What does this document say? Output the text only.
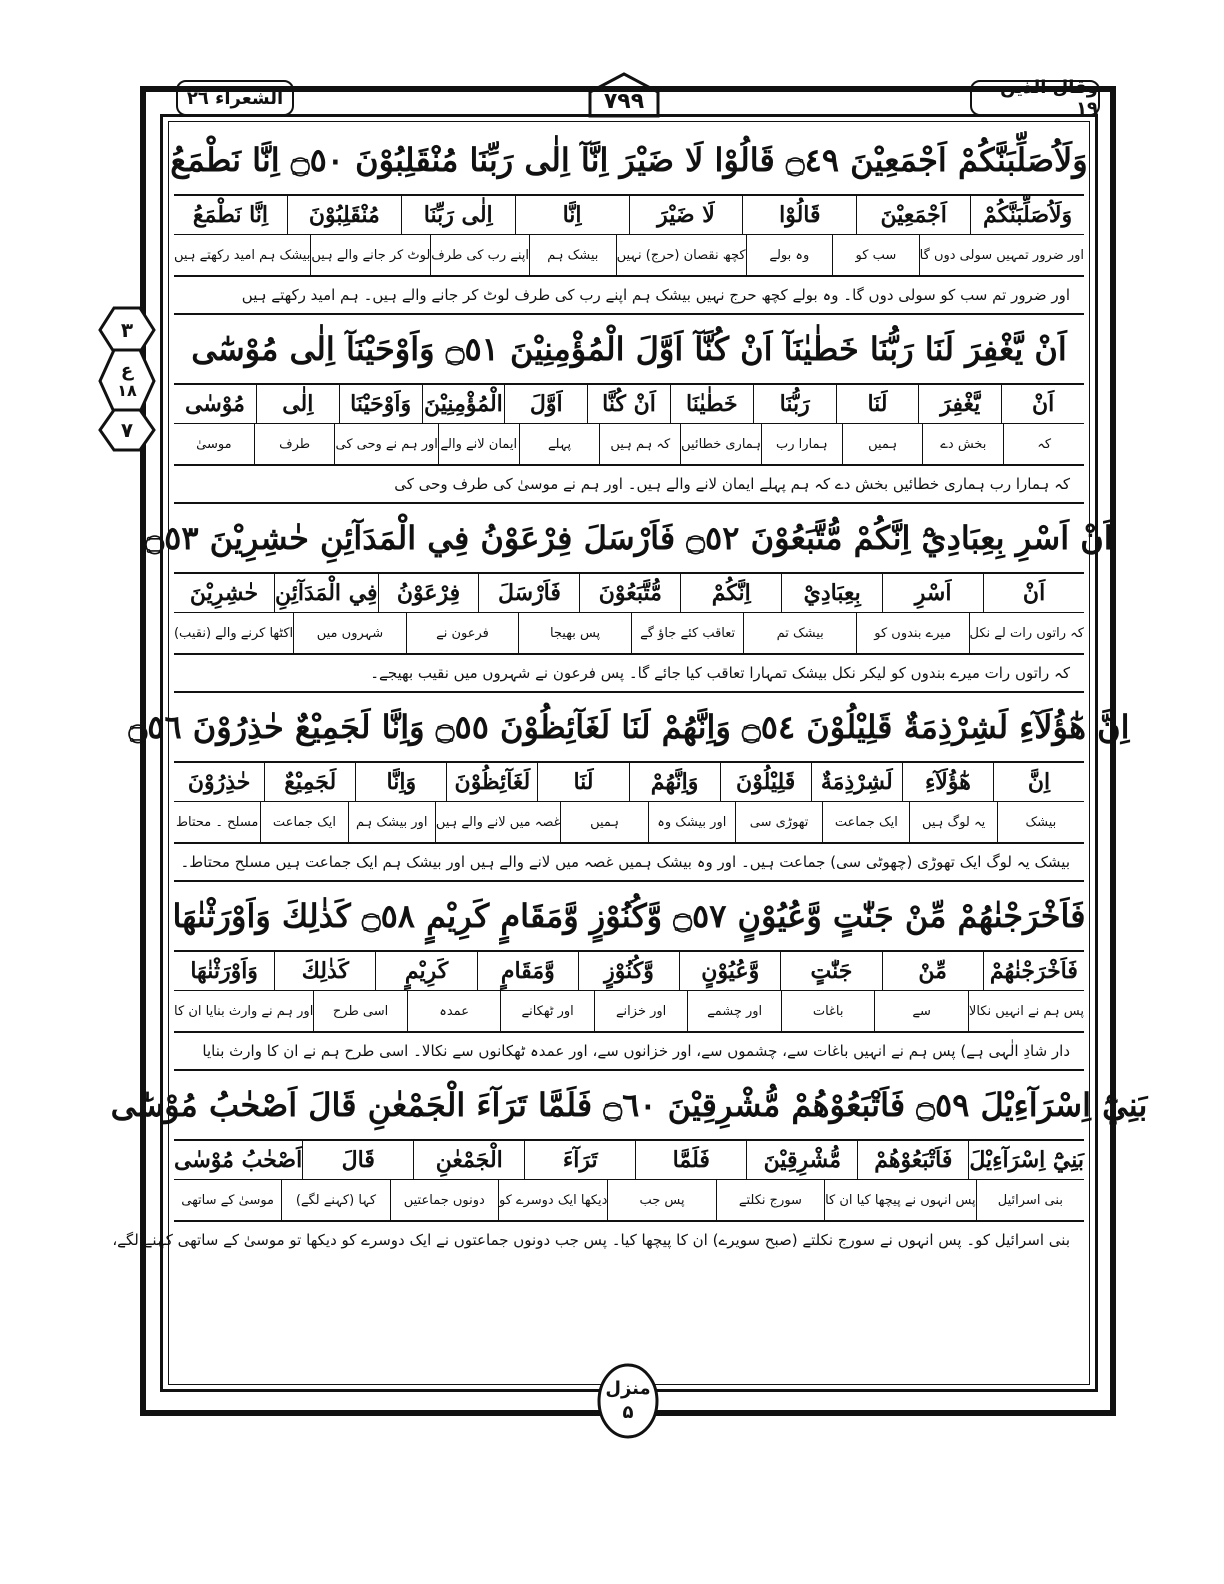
وقال الذین ١٩
٧٩٩
الشعرآء ٢٦
٣
ع
١٨
٧
وَلَاُصَلِّبَنَّكُمْ اَجْمَعِيْنَ ۝٤٩ قَالُوْا لَا ضَيْرَ اِنَّآ اِلٰى رَبِّنَا مُنْقَلِبُوْنَ ۝٥٠ اِنَّا نَطْمَعُ
وَلَاُصَلِّبَنَّكُمْ
اَجْمَعِيْنَ
قَالُوْا
لَا ضَيْرَ
اِنَّا
اِلٰى رَبِّنَا
مُنْقَلِبُوْنَ
اِنَّا نَطْمَعُ
اور ضرور تمہیں سولی دوں گا
سب کو
وہ بولے
کچھ نقصان (حرج) نہیں
بیشک ہم
اپنے رب کی طرف
لوٹ کر جانے والے ہیں
بیشک ہم امید رکھتے ہیں
اور ضرور تم سب کو سولی دوں گا۔ وہ بولے کچھ حرج نہیں بیشک ہم اپنے رب کی طرف لوٹ کر جانے والے ہیں۔ ہم امید رکھتے ہیں
اَنْ يَّغْفِرَ لَنَا رَبُّنَا خَطٰيٰنَآ اَنْ كُنَّآ اَوَّلَ الْمُؤْمِنِيْنَ ۝٥١ وَاَوْحَيْنَآ اِلٰى مُوْسٰٓى
اَنْ
يَّغْفِرَ
لَنَا
رَبُّنَا
خَطٰيٰنَا
اَنْ كُنَّا
اَوَّلَ
الْمُؤْمِنِيْنَ
وَاَوْحَيْنَا
اِلٰى
مُوْسٰى
کہ
بخش دے
ہمیں
ہمارا رب
ہماری خطائیں
کہ ہم ہیں
پہلے
ایمان لانے والے
اور ہم نے وحی کی
طرف
موسیٰ
کہ ہمارا رب ہماری خطائیں بخش دے کہ ہم پہلے ایمان لانے والے ہیں۔ اور ہم نے موسیٰ کی طرف وحی کی
اَنْ اَسْرِ بِعِبَادِيْٓ اِنَّكُمْ مُّتَّبَعُوْنَ ۝٥٢ فَاَرْسَلَ فِرْعَوْنُ فِي الْمَدَآئِنِ حٰشِرِيْنَ ۝٥٣
اَنْ
اَسْرِ
بِعِبَادِيْ
اِنَّكُمْ
مُّتَّبَعُوْنَ
فَاَرْسَلَ
فِرْعَوْنُ
فِي الْمَدَآئِنِ
حٰشِرِيْنَ
کہ راتوں رات لے نکل
میرے بندوں کو
بیشک تم
تعاقب کئے جاؤ گے
پس بھیجا
فرعون نے
شہروں میں
اکٹھا کرنے والے (نقیب)
کہ راتوں رات میرے بندوں کو لیکر نکل بیشک تمہارا تعاقب کیا جائے گا۔ پس فرعون نے شہروں میں نقیب بھیجے۔
اِنَّ هٰٓؤُلَآءِ لَشِرْذِمَةٌ قَلِيْلُوْنَ ۝٥٤ وَاِنَّهُمْ لَنَا لَغَآئِظُوْنَ ۝٥٥ وَاِنَّا لَجَمِيْعٌ حٰذِرُوْنَ ۝٥٦
اِنَّ
هٰٓؤُلَآءِ
لَشِرْذِمَةٌ
قَلِيْلُوْنَ
وَاِنَّهُمْ
لَنَا
لَغَآئِظُوْنَ
وَاِنَّا
لَجَمِيْعٌ
حٰذِرُوْنَ
بیشک
یہ لوگ ہیں
ایک جماعت
تھوڑی سی
اور بیشک وہ
ہمیں
غصہ میں لانے والے ہیں
اور بیشک ہم
ایک جماعت
مسلح ۔ محتاط
بیشک یہ لوگ ایک تھوڑی (چھوٹی سی) جماعت ہیں۔ اور وہ بیشک ہمیں غصہ میں لانے والے ہیں اور بیشک ہم ایک جماعت ہیں مسلح محتاط۔
فَاَخْرَجْنٰهُمْ مِّنْ جَنّٰتٍ وَّعُيُوْنٍ ۝٥٧ وَّكُنُوْزٍ وَّمَقَامٍ كَرِيْمٍ ۝٥٨ كَذٰلِكَ وَاَوْرَثْنٰهَا
فَاَخْرَجْنٰهُمْ
مِّنْ
جَنّٰتٍ
وَّعُيُوْنٍ
وَّكُنُوْزٍ
وَّمَقَامٍ
كَرِيْمٍ
كَذٰلِكَ
وَاَوْرَثْنٰهَا
پس ہم نے انہیں نکالا
سے
باغات
اور چشمے
اور خزانے
اور ٹھکانے
عمدہ
اسی طرح
اور ہم نے وارث بنایا ان کا
دار شادِ الٰہی ہے) پس ہم نے انہیں باغات سے، چشموں سے، اور خزانوں سے، اور عمدہ ٹھکانوں سے نکالا۔ اسی طرح ہم نے ان کا وارث بنایا
بَنِيْٓ اِسْرَآءِيْلَ ۝٥٩ فَاَتْبَعُوْهُمْ مُّشْرِقِيْنَ ۝٦٠ فَلَمَّا تَرَآءَ الْجَمْعٰنِ قَالَ اَصْحٰبُ مُوْسٰٓى
بَنِيْٓ اِسْرَآءِيْلَ
فَاَتْبَعُوْهُمْ
مُّشْرِقِيْنَ
فَلَمَّا
تَرَآءَ
الْجَمْعٰنِ
قَالَ
اَصْحٰبُ مُوْسٰى
بنی اسرائیل
پس انہوں نے پیچھا کیا ان کا
سورج نکلتے
پس جب
دیکھا ایک دوسرے کو
دونوں جماعتیں
کہا (کہنے لگے)
موسیٰ کے ساتھی
بنی اسرائیل کو۔ پس انہوں نے سورج نکلتے (صبح سویرے) ان کا پیچھا کیا۔ پس جب دونوں جماعتوں نے ایک دوسرے کو دیکھا تو موسیٰ کے ساتھی کہنے لگے،
منزل
۵
